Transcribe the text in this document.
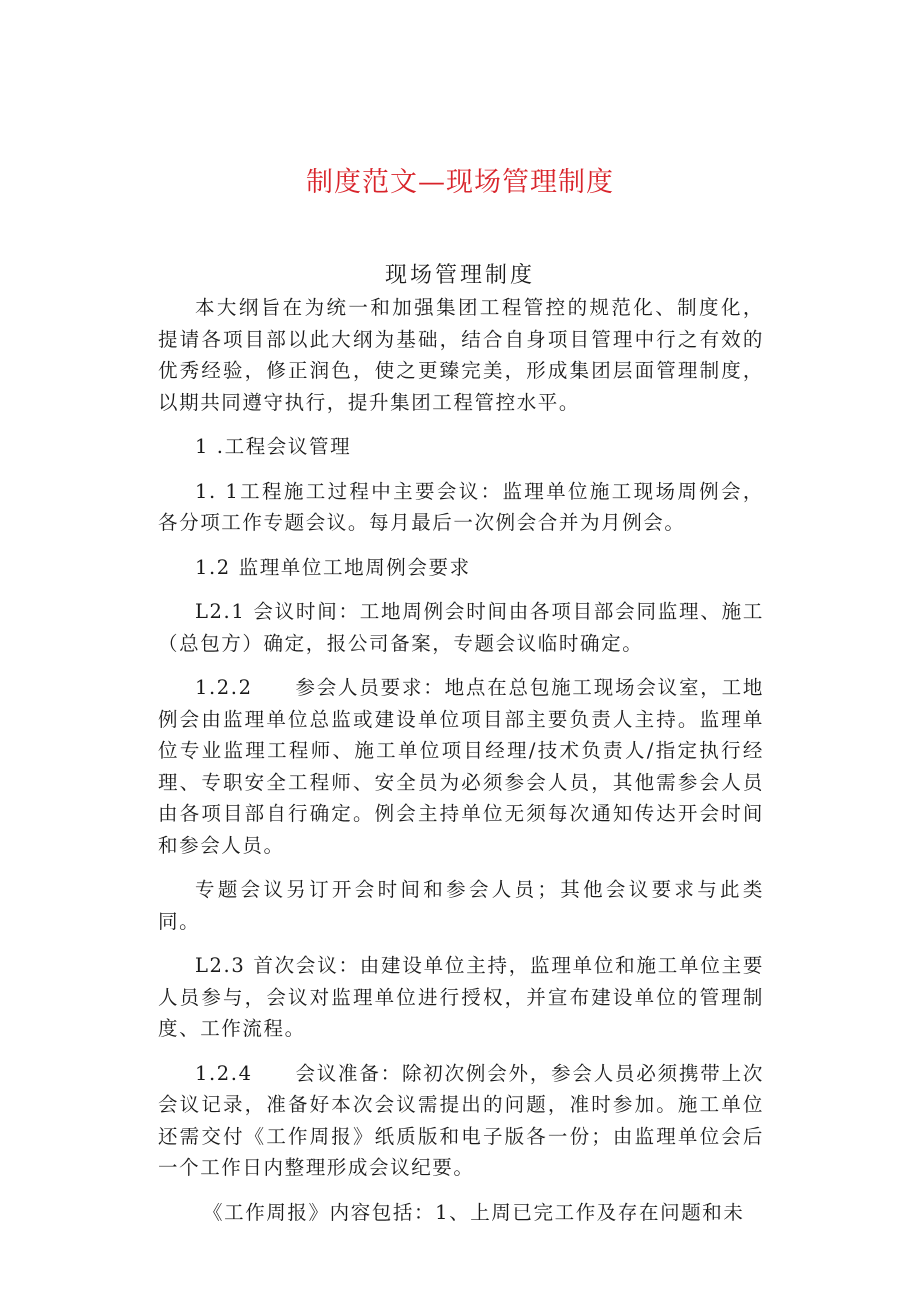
制度范文—现场管理制度
现场管理制度

本大纲旨在为统一和加强集团工程管控的规范化、制度化，提请各项目部以此大纲为基础，结合自身项目管理中行之有效的优秀经验，修正润色，使之更臻完美，形成集团层面管理制度，以期共同遵守执行，提升集团工程管控水平。

1 .工程会议管理

1. 1工程施工过程中主要会议：监理单位施工现场周例会，各分项工作专题会议。每月最后一次例会合并为月例会。

1.2 监理单位工地周例会要求

L2.1 会议时间：工地周例会时间由各项目部会同监理、施工（总包方）确定，报公司备案，专题会议临时确定。

1.2.2　　参会人员要求：地点在总包施工现场会议室，工地例会由监理单位总监或建设单位项目部主要负责人主持。监理单位专业监理工程师、施工单位项目经理/技术负责人/指定执行经理、专职安全工程师、安全员为必须参会人员，其他需参会人员由各项目部自行确定。例会主持单位无须每次通知传达开会时间和参会人员。

专题会议另订开会时间和参会人员；其他会议要求与此类同。

L2.3 首次会议：由建设单位主持，监理单位和施工单位主要人员参与，会议对监理单位进行授权，并宣布建设单位的管理制度、工作流程。

1.2.4　　会议准备：除初次例会外，参会人员必须携带上次会议记录，准备好本次会议需提出的问题，准时参加。施工单位还需交付《工作周报》纸质版和电子版各一份；由监理单位会后一个工作日内整理形成会议纪要。

《工作周报》内容包括：1、上周已完工作及存在问题和未
